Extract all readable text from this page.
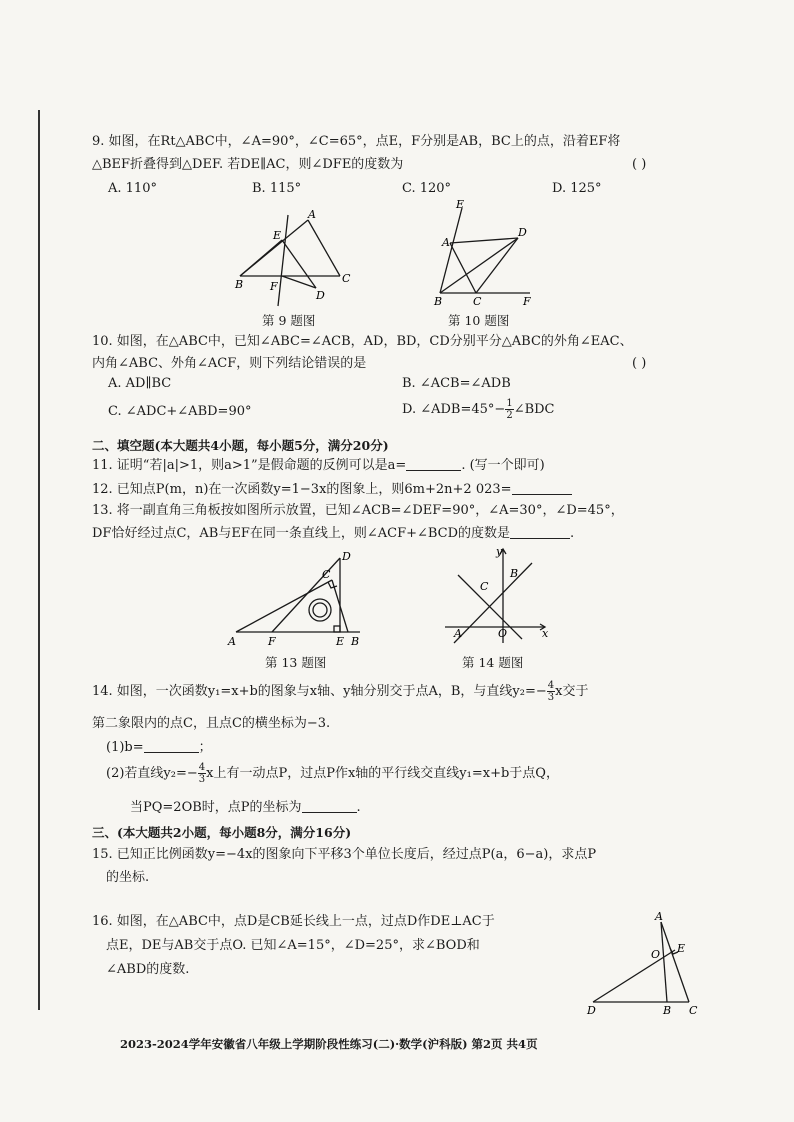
9. 如图，在Rt△ABC中，∠A=90°，∠C=65°，点E，F分别是AB，BC上的点，沿着EF将
△BEF折叠得到△DEF. 若DE∥AC，则∠DFE的度数为	( )
A. 110°	B. 115°	C. 120°	D. 125°
A
E
B F
C
D
第 9 题图
E
A
D
B	C	F
第 10 题图
10. 如图，在△ABC中，已知∠ABC=∠ACB，AD，BD，CD分别平分△ABC的外角∠EAC、
内角∠ABC、外角∠ACF，则下列结论错误的是	( )
A. AD∥BC	B. ∠ACB=∠ADB
C. ∠ADC+∠ABD=90°	D. ∠ADB=45°− $\frac{1}{2}$ ∠BDC
二、填空题(本大题共4小题，每小题5分，满分20分)
11. 证明“若|a|>1，则a>1”是假命题的反例可以是a=	. (写一个即可)
12. 已知点P(m，n)在一次函数y=1−3x的图象上，则6m+2n+2 023=
13. 将一副直角三角板按如图所示放置，已知∠ACB=∠DEF=90°，∠A=30°，∠D=45°，
DF恰好经过点C，AB与EF在同一条直线上，则∠ACF+∠BCD的度数是	.
D
C
A	F	E B
第 13 题图
y
B
C
A	O	x
第 14 题图
14. 如图，一次函数y₁=x+b的图象与x轴、y轴分别交于点A，B，与直线$y_2=- \frac{4}{3}$ x交于
第二象限内的点C，且点C的横坐标为−3.
(1)b=	；
(2)若直线$y_2=- \frac{4}{3}$ x上有一动点P，过点P作x轴的平行线交直线y₁=x+b于点Q，
当PQ=2OB时，点P的坐标为	.
三、(本大题共2小题，每小题8分，满分16分)
15. 已知正比例函数y=−4x的图象向下平移3个单位长度后，经过点P(a，6−a)，求点P
的坐标.
16. 如图，在△ABC中，点D是CB延长线上一点，过点D作DE⊥AC于
点E，DE与AB交于点O. 已知∠A=15°，∠D=25°，求∠BOD和
∠ABD的度数.
A
O E
D	B C
2023-2024学年安徽省八年级上学期阶段性练习(二)·数学(沪科版) 第2页 共4页
